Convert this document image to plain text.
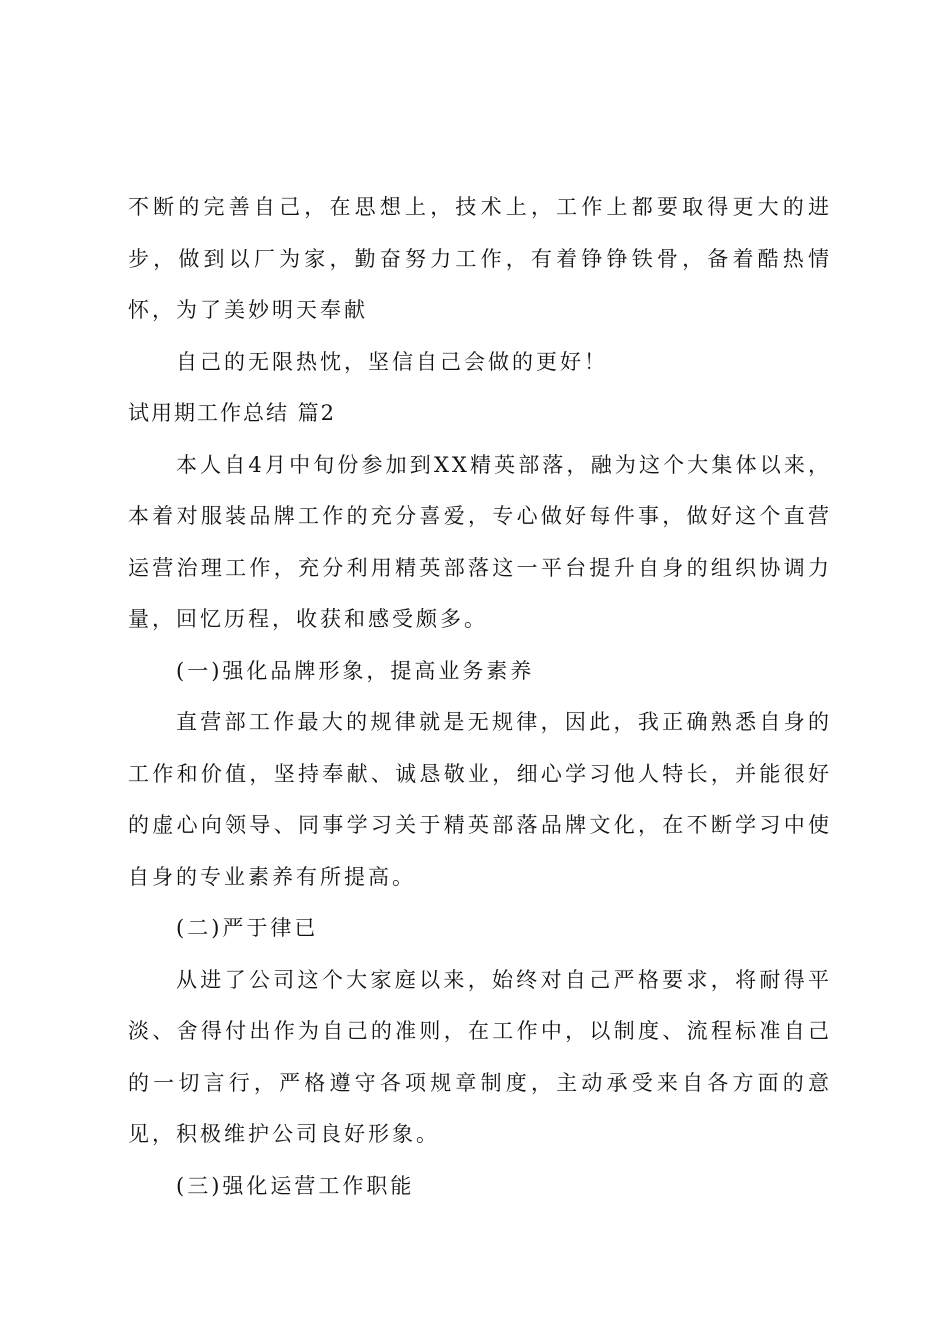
不断的完善自己，在思想上，技术上，工作上都要取得更大的进步，做到以厂为家，勤奋努力工作，有着铮铮铁骨，备着酷热情怀，为了美妙明天奉献

自己的无限热忱，坚信自己会做的更好！

试用期工作总结 篇2

本人自4月中旬份参加到XX精英部落，融为这个大集体以来，本着对服装品牌工作的充分喜爱，专心做好每件事，做好这个直营运营治理工作，充分利用精英部落这一平台提升自身的组织协调力量，回忆历程，收获和感受颇多。

(一)强化品牌形象，提高业务素养

直营部工作最大的规律就是无规律，因此，我正确熟悉自身的工作和价值，坚持奉献、诚恳敬业，细心学习他人特长，并能很好的虚心向领导、同事学习关于精英部落品牌文化，在不断学习中使自身的专业素养有所提高。

(二)严于律已

从进了公司这个大家庭以来，始终对自己严格要求，将耐得平淡、舍得付出作为自己的准则，在工作中，以制度、流程标准自己的一切言行，严格遵守各项规章制度，主动承受来自各方面的意见，积极维护公司良好形象。

(三)强化运营工作职能
